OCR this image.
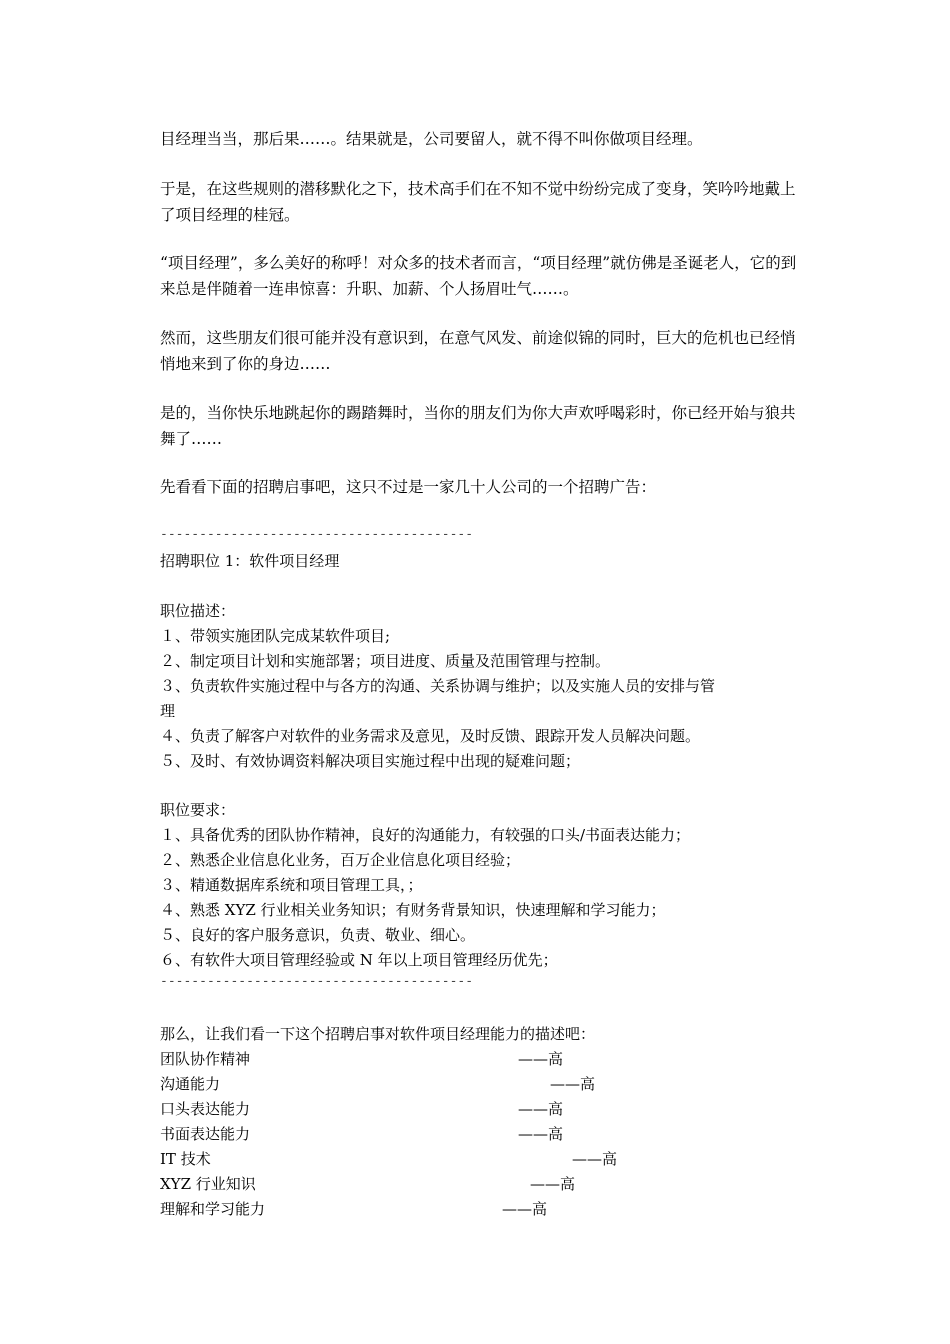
目经理当当，那后果……。结果就是，公司要留人，就不得不叫你做项目经理。

于是，在这些规则的潜移默化之下，技术高手们在不知不觉中纷纷完成了变身，笑吟吟地戴上了项目经理的桂冠。

“项目经理”，多么美好的称呼！对众多的技术者而言，“项目经理”就仿佛是圣诞老人，它的到来总是伴随着一连串惊喜：升职、加薪、个人扬眉吐气……。

然而，这些朋友们很可能并没有意识到，在意气风发、前途似锦的同时，巨大的危机也已经悄悄地来到了你的身边……

是的，当你快乐地跳起你的踢踏舞时，当你的朋友们为你大声欢呼喝彩时，你已经开始与狼共舞了……

先看看下面的招聘启事吧，这只不过是一家几十人公司的一个招聘广告：

----------------------------------------
招聘职位 1：软件项目经理
职位描述：
１、带领实施团队完成某软件项目;
２、制定项目计划和实施部署；项目进度、质量及范围管理与控制。
３、负责软件实施过程中与各方的沟通、关系协调与维护；以及实施人员的安排与管
理
４、负责了解客户对软件的业务需求及意见，及时反馈、跟踪开发人员解决问题。
５、及时、有效协调资料解决项目实施过程中出现的疑难问题；
职位要求：
１、具备优秀的团队协作精神，良好的沟通能力，有较强的口头/书面表达能力；
２、熟悉企业信息化业务，百万企业信息化项目经验；
３、精通数据库系统和项目管理工具，；
４、熟悉 XYZ 行业相关业务知识；有财务背景知识，快速理解和学习能力；
５、良好的客户服务意识，负责、敬业、细心。
６、有软件大项目管理经验或 N 年以上项目管理经历优先；
----------------------------------------
那么，让我们看一下这个招聘启事对软件项目经理能力的描述吧：
团队协作精神	——高
沟通能力	——高
口头表达能力	——高
书面表达能力	——高
IT 技术	——高
XYZ 行业知识	——高
理解和学习能力	——高
